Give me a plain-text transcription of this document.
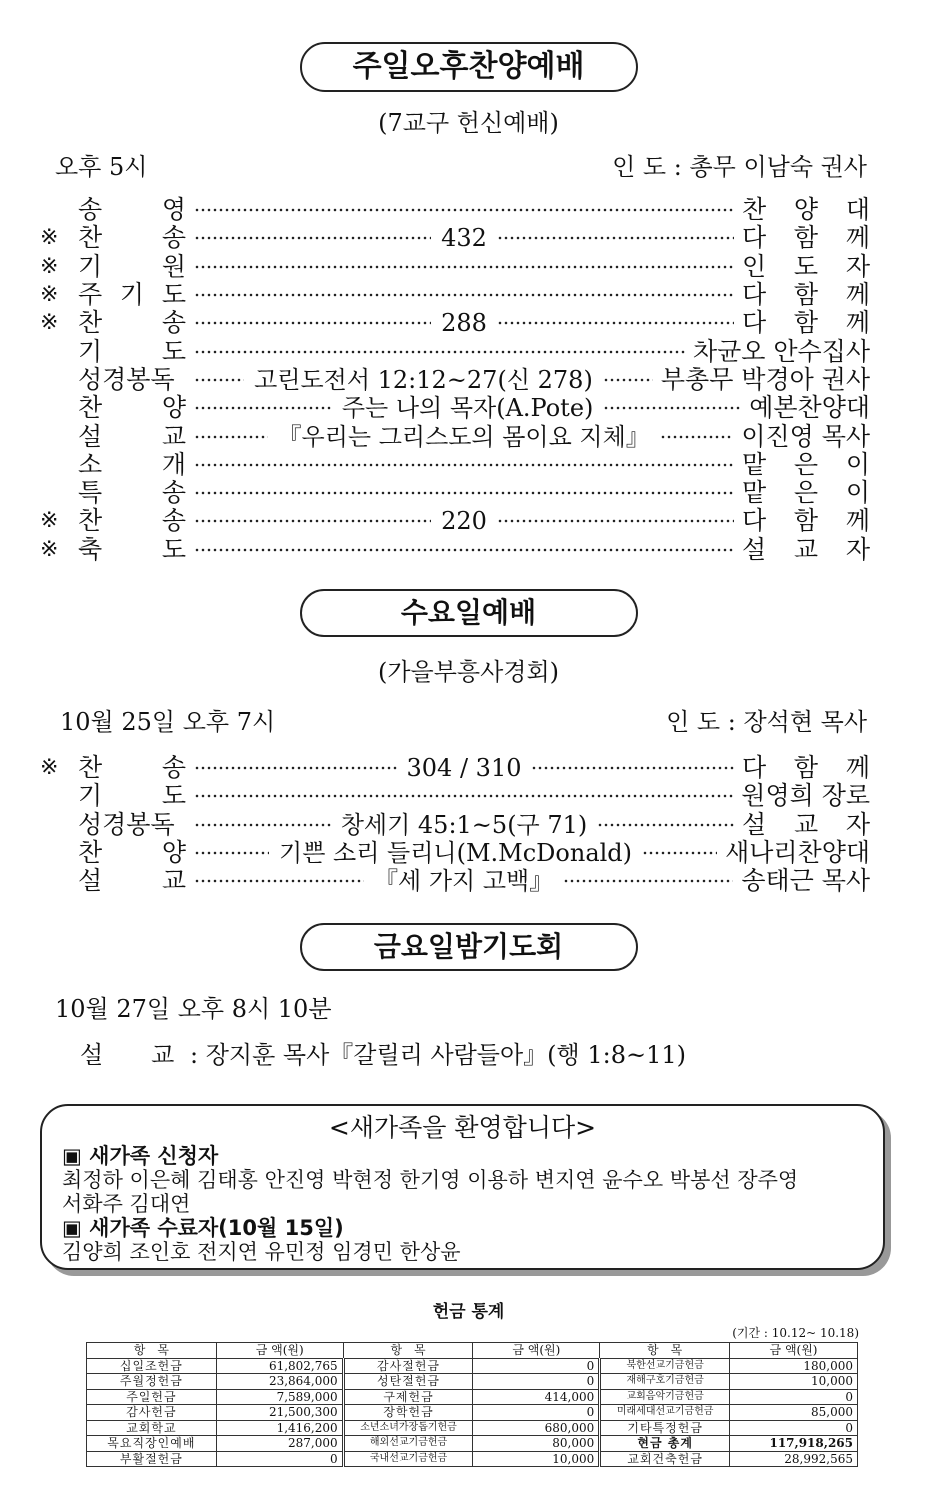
주일오후찬양예배
(7교구 헌신예배)
오후 5시	인 도 : 총무 이남숙 권사
송 영	찬 양 대
※ 찬 송	432	다 함 께
※ 기 원	인 도 자
※ 주 기 도	다 함 께
※ 찬 송	288	다 함 께
기 도	차균오 안수집사
성경봉독	고린도전서 12:12~27(신 278)	부총무 박경아 권사
찬 양	주는 나의 목자(A.Pote)	예본찬양대
설 교	『우리는 그리스도의 몸이요 지체』	이진영 목사
소 개	맡 은 이
특 송	맡 은 이
※ 찬 송	220	다 함 께
※ 축 도	설 교 자
수요일예배
(가을부흥사경회)
10월 25일 오후 7시	인 도 : 장석현 목사
※ 찬 송	304 / 310	다 함 께
기 도	원영희 장로
성경봉독	창세기 45:1~5(구 71)	설 교 자
찬 양	기쁜 소리 들리니(M.McDonald)	새나리찬양대
설 교	『세 가지 고백』	송태근 목사
금요일밤기도회
10월 27일 오후 8시 10분
설　　교 : 장지훈 목사『갈릴리 사람들아』(행 1:8~11)
<새가족을 환영합니다>
▣ 새가족 신청자
최정하 이은혜 김태홍 안진영 박현정 한기영 이용하 변지연 윤수오 박봉선 장주영
서화주 김대연
▣ 새가족 수료자(10월 15일)
김양희 조인호 전지연 유민정 임경민 한상윤
헌금 통계
(기간 : 10.12~ 10.18)
항　목	금 액(원)	항　목	금 액(원)	항　목	금 액(원)
십일조헌금	61,802,765	감사절헌금	0	북한선교기금헌금	180,000
주월정헌금	23,864,000	성탄절헌금	0	재해구호기금헌금	10,000
주일헌금	7,589,000	구제헌금	414,000	교회음악기금헌금	0
감사헌금	21,500,300	장학헌금	0	미래세대선교기금헌금	85,000
교회학교	1,416,200	소년소녀가장돕기헌금	680,000	기타특정헌금	0
목요직장인예배	287,000	해외선교기금헌금	80,000	현금 총계	117,918,265
부활절헌금	0	국내선교기금헌금	10,000	교회건축헌금	28,992,565
